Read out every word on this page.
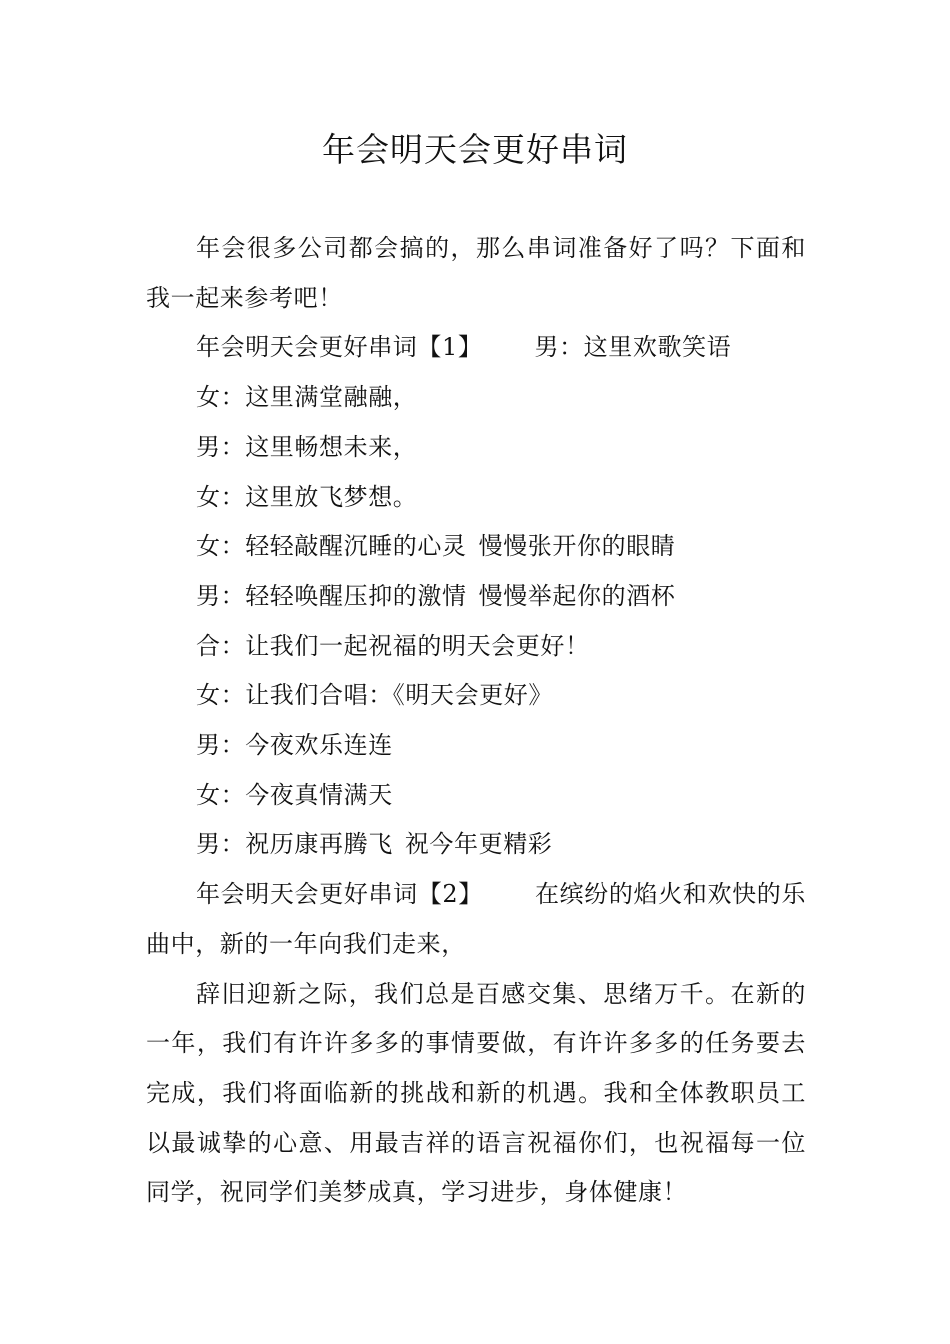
年会明天会更好串词

年会很多公司都会搞的，那么串词准备好了吗？下面和我一起来参考吧！

年会明天会更好串词【1】 男：这里欢歌笑语

女：这里满堂融融，

男：这里畅想未来，

女：这里放飞梦想。

女：轻轻敲醒沉睡的心灵 慢慢张开你的眼睛

男：轻轻唤醒压抑的激情 慢慢举起你的酒杯

合：让我们一起祝福的明天会更好！

女：让我们合唱：《明天会更好》

男：今夜欢乐连连

女：今夜真情满天

男：祝历康再腾飞 祝今年更精彩

年会明天会更好串词【2】 在缤纷的焰火和欢快的乐曲中，新的一年向我们走来，

辞旧迎新之际，我们总是百感交集、思绪万千。在新的一年，我们有许许多多的事情要做，有许许多多的任务要去完成，我们将面临新的挑战和新的机遇。我和全体教职员工以最诚挚的心意、用最吉祥的语言祝福你们，也祝福每一位同学，祝同学们美梦成真，学习进步，身体健康！
